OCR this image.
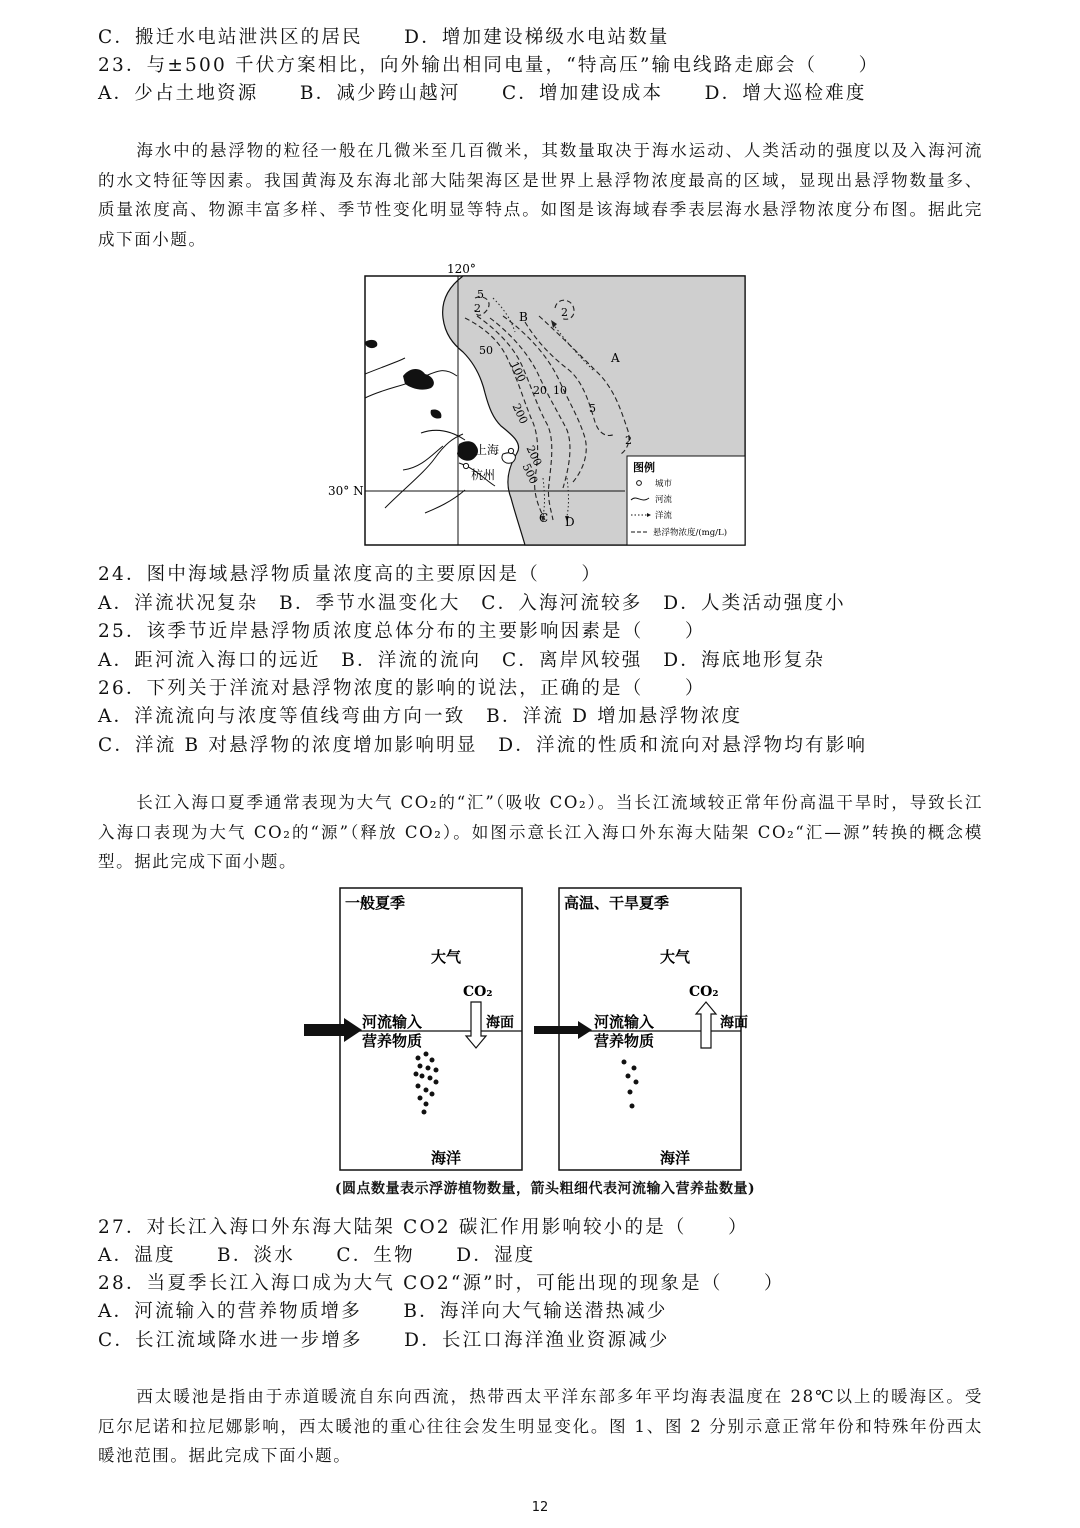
C．搬迁水电站泄洪区的居民　　D．增加建设梯级水电站数量
23．与±500 千伏方案相比，向外输出相同电量，“特高压”输电线路走廊会（　　）
A．少占土地资源　　B．减少跨山越河　　C．增加建设成本　　D．增大巡检难度
海水中的悬浮物的粒径一般在几微米至几百微米，其数量取决于海水运动、人类活动的强度以及入海河流的水文特征等因素。我国黄海及东海北部大陆架海区是世界上悬浮物浓度最高的区域，显现出悬浮物数量多、质量浓度高、物源丰富多样、季节性变化明显等特点。如图是该海域春季表层海水悬浮物浓度分布图。据此完成下面小题。
120°
30° N
5
2	2
50
100
20 10
5
2
200
200
500
B
A
C D
上海
杭州
图例
城市
河流
洋流
悬浮物浓度/(mg/L)
24．图中海域悬浮物质量浓度高的主要原因是（　　）
A．洋流状况复杂　B．季节水温变化大　C．入海河流较多　D．人类活动强度小
25．该季节近岸悬浮物质浓度总体分布的主要影响因素是（　　）
A．距河流入海口的远近　B．洋流的流向　C．离岸风较强　D．海底地形复杂
26．下列关于洋流对悬浮物浓度的影响的说法，正确的是（　　）
A．洋流流向与浓度等值线弯曲方向一致　B．洋流 D 增加悬浮物浓度
C．洋流 B 对悬浮物的浓度增加影响明显　D．洋流的性质和流向对悬浮物均有影响
长江入海口夏季通常表现为大气 CO₂的“汇”（吸收 CO₂）。当长江流域较正常年份高温干旱时，导致长江入海口表现为大气 CO₂的“源”（释放 CO₂）。如图示意长江入海口外东海大陆架 CO₂“汇—源”转换的概念模型。据此完成下面小题。
一般夏季
大气
CO₂
海面
河流输入
营养物质
海洋
高温、干旱夏季
大气
CO₂
海面
河流输入
营养物质
海洋
(圆点数量表示浮游植物数量，箭头粗细代表河流输入营养盐数量)
27．对长江入海口外东海大陆架 CO2 碳汇作用影响较小的是（　　）
A．温度　　B．淡水　　C．生物　　D．湿度
28．当夏季长江入海口成为大气 CO2“源”时，可能出现的现象是（　　）
A．河流输入的营养物质增多　　B．海洋向大气输送潜热减少
C．长江流域降水进一步增多　　D．长江口海洋渔业资源减少
西太暖池是指由于赤道暖流自东向西流，热带西太平洋东部多年平均海表温度在 28℃以上的暖海区。受厄尔尼诺和拉尼娜影响，西太暖池的重心往往会发生明显变化。图 1、图 2 分别示意正常年份和特殊年份西太暖池范围。据此完成下面小题。
12
